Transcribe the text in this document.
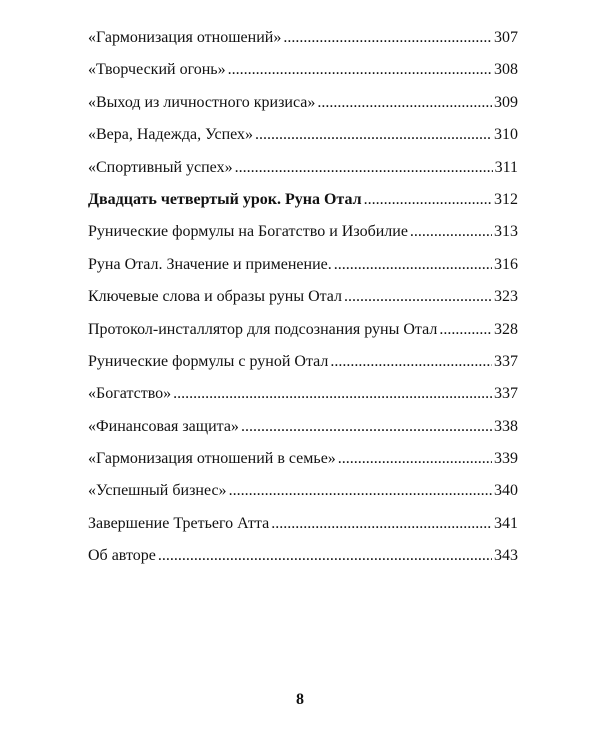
«Гармонизация отношений» .....	307
«Творческий огонь» .....	308
«Выход из личностного кризиса» .....	309
«Вера, Надежда, Успех» .....	310
«Спортивный успех» .....	311
Двадцать четвертый урок. Руна Отал .....	312
Рунические формулы на Богатство и Изобилие .....	313
Руна Отал. Значение и применение. .....	316
Ключевые слова и образы руны Отал .....	323
Протокол-инсталлятор для подсознания руны Отал .....	328
Рунические формулы с руной Отал .....	337
«Богатство» .....	337
«Финансовая защита» .....	338
«Гармонизация отношений в семье» .....	339
«Успешный бизнес» .....	340
Завершение Третьего Атта .....	341
Об авторе .....	343
8
